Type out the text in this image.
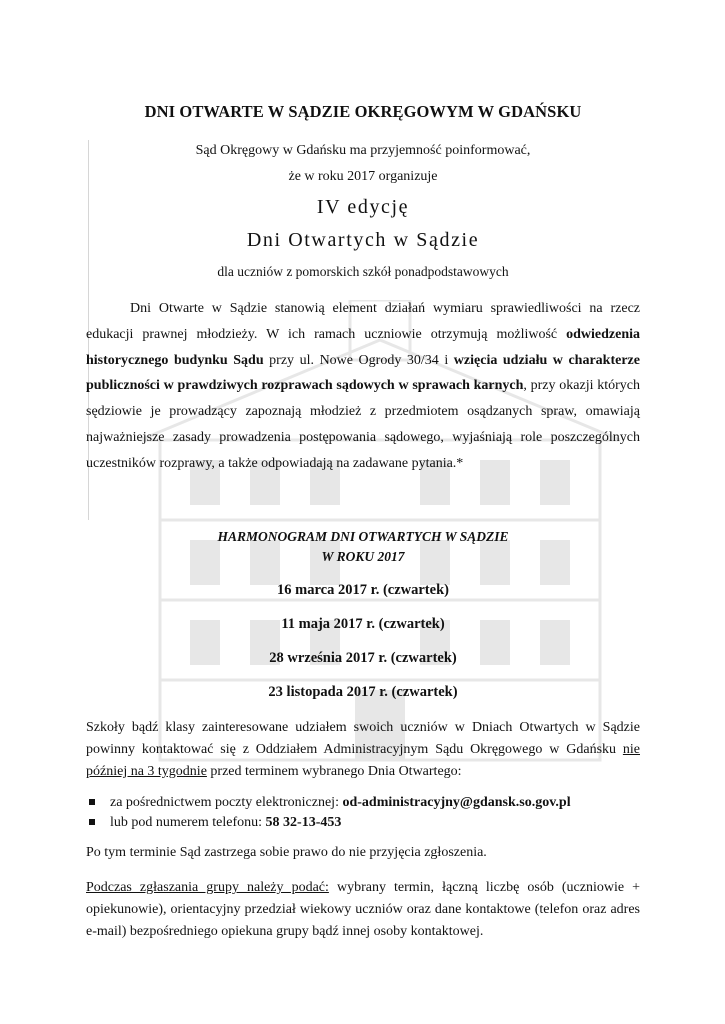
DNI OTWARTE W SĄDZIE OKRĘGOWYM W GDAŃSKU
Sąd Okręgowy w Gdańsku ma przyjemność poinformować,
że w roku 2017 organizuje
IV edycję
Dni Otwartych w Sądzie
dla uczniów z pomorskich szkół ponadpodstawowych

Dni Otwarte w Sądzie stanowią element działań wymiaru sprawiedliwości na rzecz edukacji prawnej młodzieży. W ich ramach uczniowie otrzymują możliwość odwiedzenia historycznego budynku Sądu przy ul. Nowe Ogrody 30/34 i wzięcia udziału w charakterze publiczności w prawdziwych rozprawach sądowych w sprawach karnych, przy okazji których sędziowie je prowadzący zapoznają młodzież z przedmiotem osądzanych spraw, omawiają najważniejsze zasady prowadzenia postępowania sądowego, wyjaśniają role poszczególnych uczestników rozprawy, a także odpowiadają na zadawane pytania.*

HARMONOGRAM DNI OTWARTYCH W SĄDZIE
W ROKU 2017
16 marca 2017 r. (czwartek)
11 maja 2017 r. (czwartek)
28 września 2017 r. (czwartek)
23 listopada 2017 r. (czwartek)
Szkoły bądź klasy zainteresowane udziałem swoich uczniów w Dniach Otwartych w Sądzie powinny kontaktować się z Oddziałem Administracyjnym Sądu Okręgowego w Gdańsku nie później na 3 tygodnie przed terminem wybranego Dnia Otwartego:
za pośrednictwem poczty elektronicznej: od-administracyjny@gdansk.so.gov.pl
lub pod numerem telefonu: 58 32-13-453
Po tym terminie Sąd zastrzega sobie prawo do nie przyjęcia zgłoszenia.
Podczas zgłaszania grupy należy podać: wybrany termin, łączną liczbę osób (uczniowie + opiekunowie), orientacyjny przedział wiekowy uczniów oraz dane kontaktowe (telefon oraz adres e-mail) bezpośredniego opiekuna grupy bądź innej osoby kontaktowej.
